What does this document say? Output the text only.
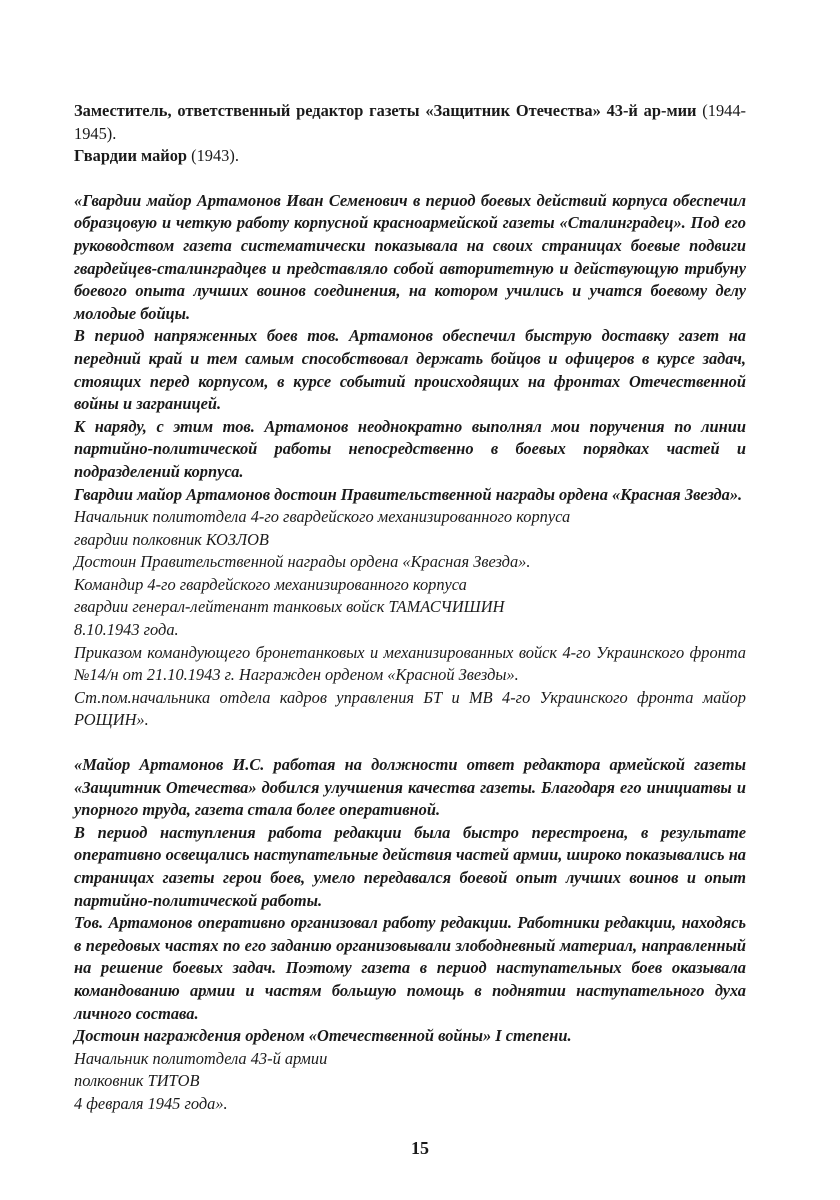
Заместитель, ответственный редактор газеты «Защитник Отечества» 43-й ар-мии (1944-1945).

Гвардии майор (1943).

«Гвардии майор Артамонов Иван Семенович в период боевых действий корпуса обеспечил образцовую и четкую работу корпусной красноармейской газеты «Сталинградец». Под его руководством газета систематически показывала на своих страницах боевые подвиги гвардейцев-сталинградцев и представляло собой авторитетную и действующую трибуну боевого опыта лучших воинов соединения, на котором учились и учатся боевому делу молодые бойцы.

В период напряженных боев тов. Артамонов обеспечил быструю доставку газет на передний край и тем самым способствовал держать бойцов и офицеров в курсе задач, стоящих перед корпусом, в курсе событий происходящих на фронтах Отечественной войны и заграницей.

К наряду, с этим тов. Артамонов неоднократно выполнял мои поручения по линии партийно-политической работы непосредственно в боевых порядках частей и подразделений корпуса.

Гвардии майор Артамонов достоин Правительственной награды ордена «Красная Звезда».

Начальник политотдела 4-го гвардейского механизированного корпуса

гвардии полковник КОЗЛОВ

Достоин Правительственной награды ордена «Красная Звезда».

Командир 4-го гвардейского механизированного корпуса

гвардии генерал-лейтенант танковых войск ТАМАСЧИШИН

8.10.1943 года.

Приказом командующего бронетанковых и механизированных войск 4-го Украинского фронта №14/н от 21.10.1943 г. Награжден орденом «Красной Звезды».

Ст.пом.начальника отдела кадров управления БТ и МВ 4-го Украинского фронта майор РОЩИН».

«Майор Артамонов И.С. работая на должности ответ редактора армейской газеты «Защитник Отечества» добился улучшения качества газеты. Благодаря его инициатвы и упорного труда, газета стала более оперативной.

В период наступления работа редакции была быстро перестроена, в результате оперативно освещались наступательные действия частей армии, широко показывались на страницах газеты герои боев, умело передавался боевой опыт лучших воинов и опыт партийно-политической работы.

Тов. Артамонов оперативно организовал работу редакции. Работники редакции, находясь в передовых частях по его заданию организовывали злободневный материал, направленный на решение боевых задач. Поэтому газета в период наступательных боев оказывала командованию армии и частям большую помощь в поднятии наступательного духа личного состава.

Достоин награждения орденом «Отечественной войны» I степени.

Начальник политотдела 43-й армии

полковник ТИТОВ

4 февраля 1945 года».

15
